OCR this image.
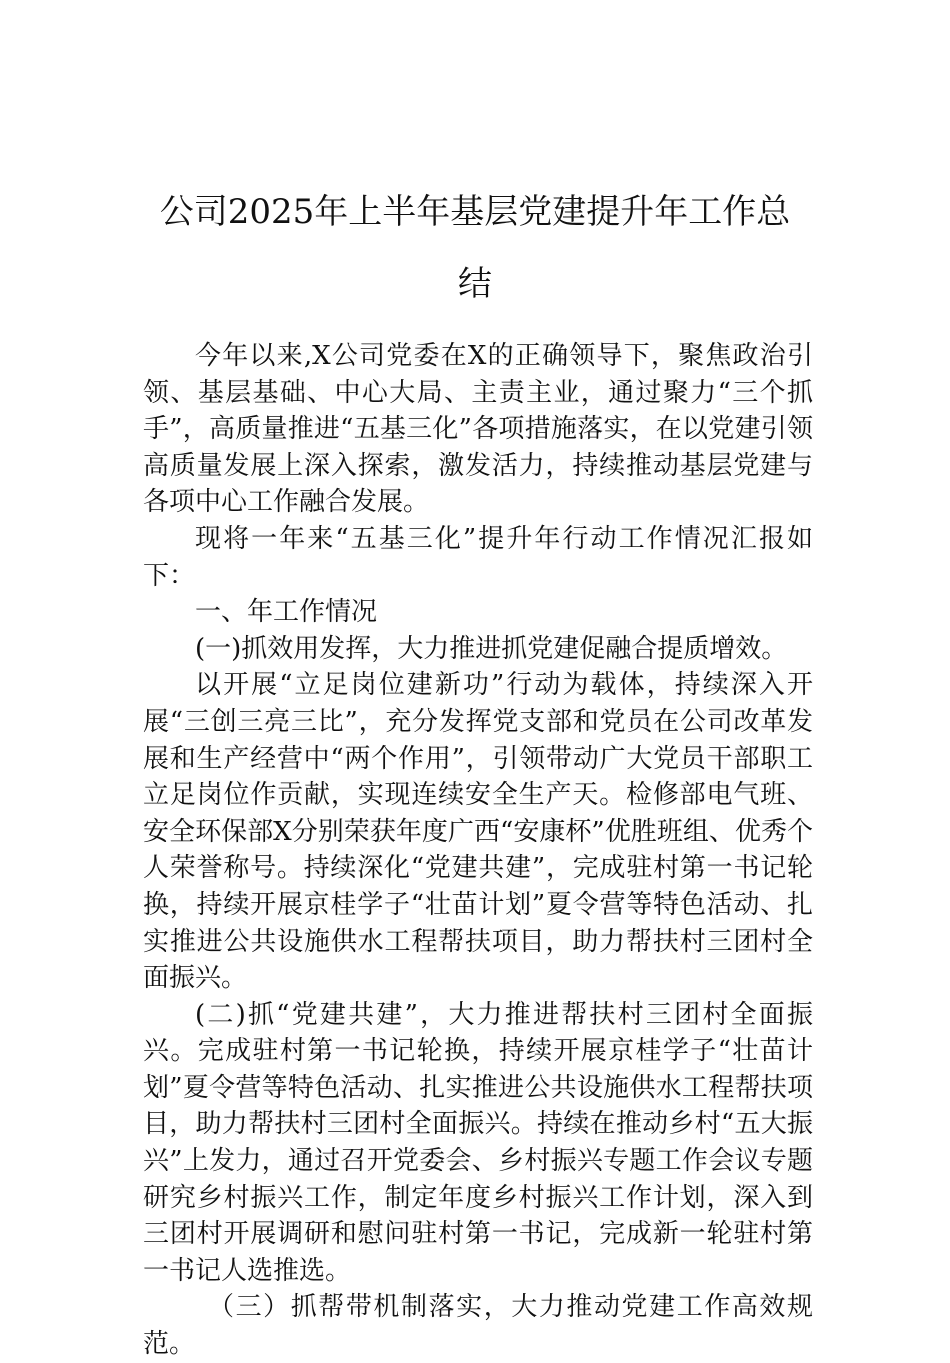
公司2025年上半年基层党建提升年工作总
结

今年以来,X公司党委在X的正确领导下，聚焦政治引领、基层基础、中心大局、主责主业，通过聚力“三个抓手”，高质量推进“五基三化”各项措施落实，在以党建引领高质量发展上深入探索，激发活力，持续推动基层党建与各项中心工作融合发展。

现将一年来“五基三化”提升年行动工作情况汇报如下：

一、年工作情况

(一)抓效用发挥，大力推进抓党建促融合提质增效。

以开展“立足岗位建新功”行动为载体，持续深入开展“三创三亮三比”，充分发挥党支部和党员在公司改革发展和生产经营中“两个作用”，引领带动广大党员干部职工立足岗位作贡献，实现连续安全生产天。检修部电气班、安全环保部X分别荣获年度广西“安康杯”优胜班组、优秀个人荣誉称号。持续深化“党建共建”，完成驻村第一书记轮换，持续开展京桂学子“壮苗计划”夏令营等特色活动、扎实推进公共设施供水工程帮扶项目，助力帮扶村三团村全面振兴。

(二)抓“党建共建”，大力推进帮扶村三团村全面振兴。完成驻村第一书记轮换，持续开展京桂学子“壮苗计划”夏令营等特色活动、扎实推进公共设施供水工程帮扶项目，助力帮扶村三团村全面振兴。持续在推动乡村“五大振兴”上发力，通过召开党委会、乡村振兴专题工作会议专题研究乡村振兴工作，制定年度乡村振兴工作计划，深入到三团村开展调研和慰问驻村第一书记，完成新一轮驻村第一书记人选推选。

（三）抓帮带机制落实，大力推动党建工作高效规范。
